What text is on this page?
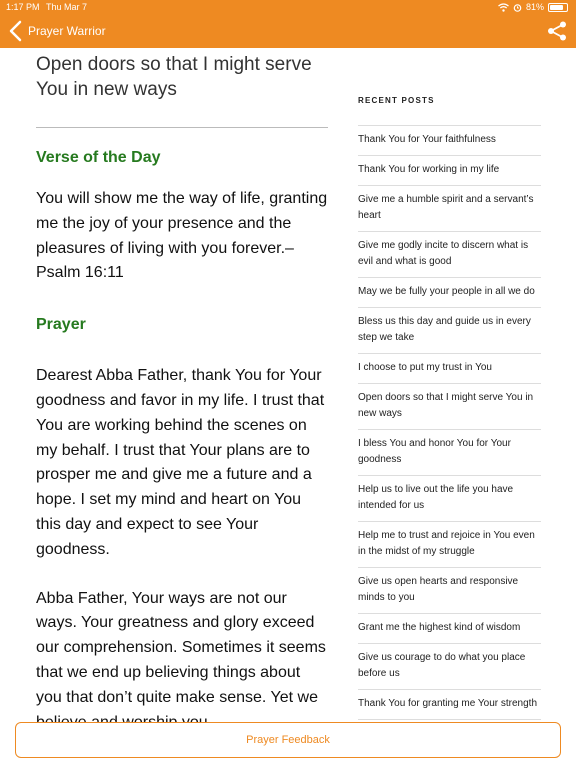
1:17 PM Thu Mar 7	81%
Prayer Warrior
Open doors so that I might serve You in new ways
Verse of the Day

You will show me the way of life, granting me the joy of your presence and the pleasures of living with you forever.– Psalm 16:11

Prayer

Dearest Abba Father, thank You for Your goodness and favor in my life. I trust that You are working behind the scenes on my behalf. I trust that Your plans are to prosper me and give me a future and a hope. I set my mind and heart on You this day and expect to see Your goodness.

Abba Father, Your ways are not our ways. Your greatness and glory exceed our comprehension. Sometimes it seems that we end up believing things about you that don’t quite make sense. Yet we

RECENT POSTS
Thank You for Your faithfulness
Thank You for working in my life
Give me a humble spirit and a servant’s heart
Give me godly incite to discern what is evil and what is good
May we be fully your people in all we do
Bless us this day and guide us in every step we take
I choose to put my trust in You
Open doors so that I might serve You in new ways
I bless You and honor You for Your goodness
Help us to live out the life you have intended for us
Help me to trust and rejoice in You even in the midst of my struggle
Give us open hearts and responsive minds to you
Grant me the highest kind of wisdom
Give us courage to do what you place before us
Thank You for granting me Your strength
Prayer Feedback
